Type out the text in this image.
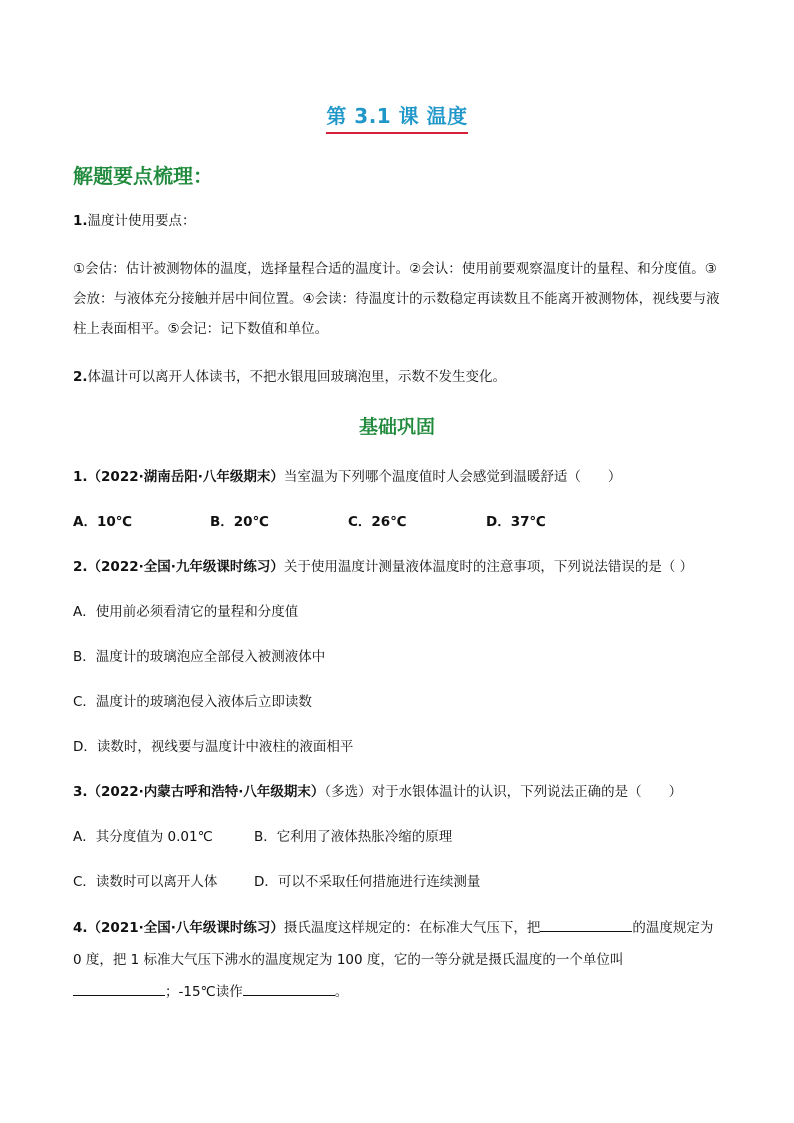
第 3.1 课 温度
解题要点梳理：
1.温度计使用要点：
①会估：估计被测物体的温度，选择量程合适的温度计。②会认：使用前要观察温度计的量程、和分度值。③会放：与液体充分接触并居中间位置。④会读：待温度计的示数稳定再读数且不能离开被测物体，视线要与液柱上表面相平。⑤会记：记下数值和单位。
2.体温计可以离开人体读书，不把水银甩回玻璃泡里，示数不发生变化。
基础巩固
1.（2022·湖南岳阳·八年级期末）当室温为下列哪个温度值时人会感觉到温暖舒适（　　）
A．10℃	B．20℃	C．26℃	D．37℃
2.（2022·全国·九年级课时练习）关于使用温度计测量液体温度时的注意事项，下列说法错误的是（ ）
A．使用前必须看清它的量程和分度值
B．温度计的玻璃泡应全部侵入被测液体中
C．温度计的玻璃泡侵入液体后立即读数
D．读数时，视线要与温度计中液柱的液面相平
3.（2022·内蒙古呼和浩特·八年级期末）（多选）对于水银体温计的认识，下列说法正确的是（　　）
A．其分度值为 0.01℃	B．它利用了液体热胀冷缩的原理
C．读数时可以离开人体	D．可以不采取任何措施进行连续测量
4.（2021·全国·八年级课时练习）摄氏温度这样规定的：在标准大气压下，把	的温度规定为
0 度，把 1 标准大气压下沸水的温度规定为 100 度，它的一等分就是摄氏温度的一个单位叫
；-15℃读作	。
